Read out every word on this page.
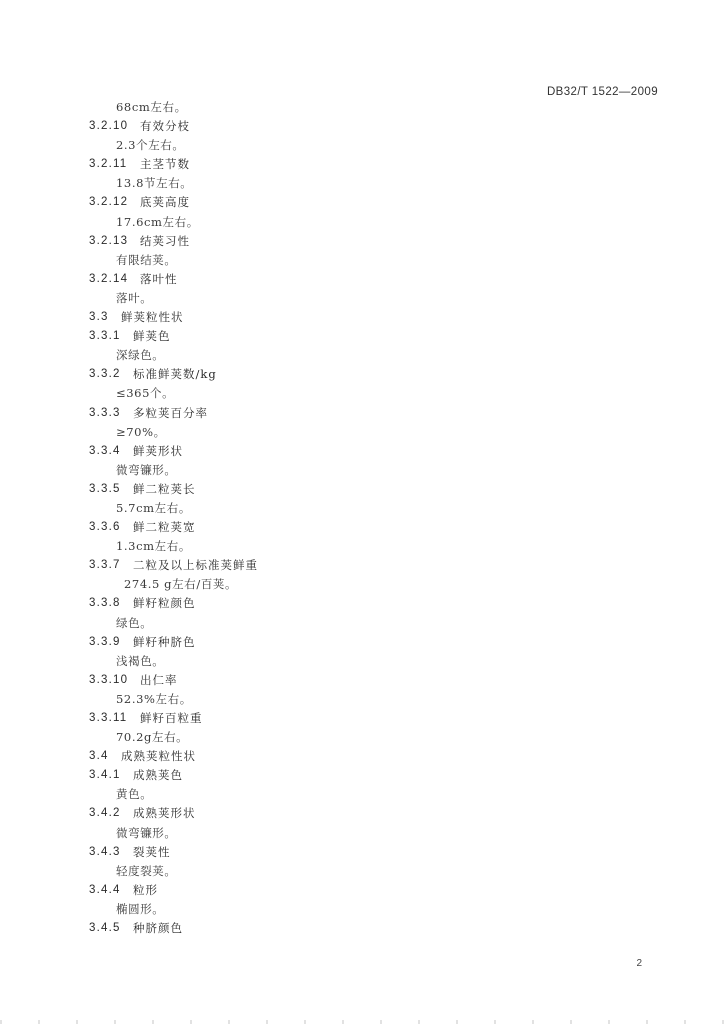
DB32/T 1522—2009
68cm左右。
3.2.10 有效分枝
2.3个左右。
3.2.11 主茎节数
13.8节左右。
3.2.12 底荚高度
17.6cm左右。
3.2.13 结荚习性
有限结荚。
3.2.14 落叶性
落叶。
3.3 鲜荚粒性状
3.3.1 鲜荚色
深绿色。
3.3.2 标准鲜荚数/kg
≤365个。
3.3.3 多粒荚百分率
≥70%。
3.3.4 鲜荚形状
微弯镰形。
3.3.5 鲜二粒荚长
5.7cm左右。
3.3.6 鲜二粒荚宽
1.3cm左右。
3.3.7 二粒及以上标准荚鲜重
274.5 g左右/百荚。
3.3.8 鲜籽粒颜色
绿色。
3.3.9 鲜籽种脐色
浅褐色。
3.3.10 出仁率
52.3%左右。
3.3.11 鲜籽百粒重
70.2g左右。
3.4 成熟荚粒性状
3.4.1 成熟荚色
黄色。
3.4.2 成熟荚形状
微弯镰形。
3.4.3 裂荚性
轻度裂荚。
3.4.4 粒形
椭圆形。
3.4.5 种脐颜色
2
